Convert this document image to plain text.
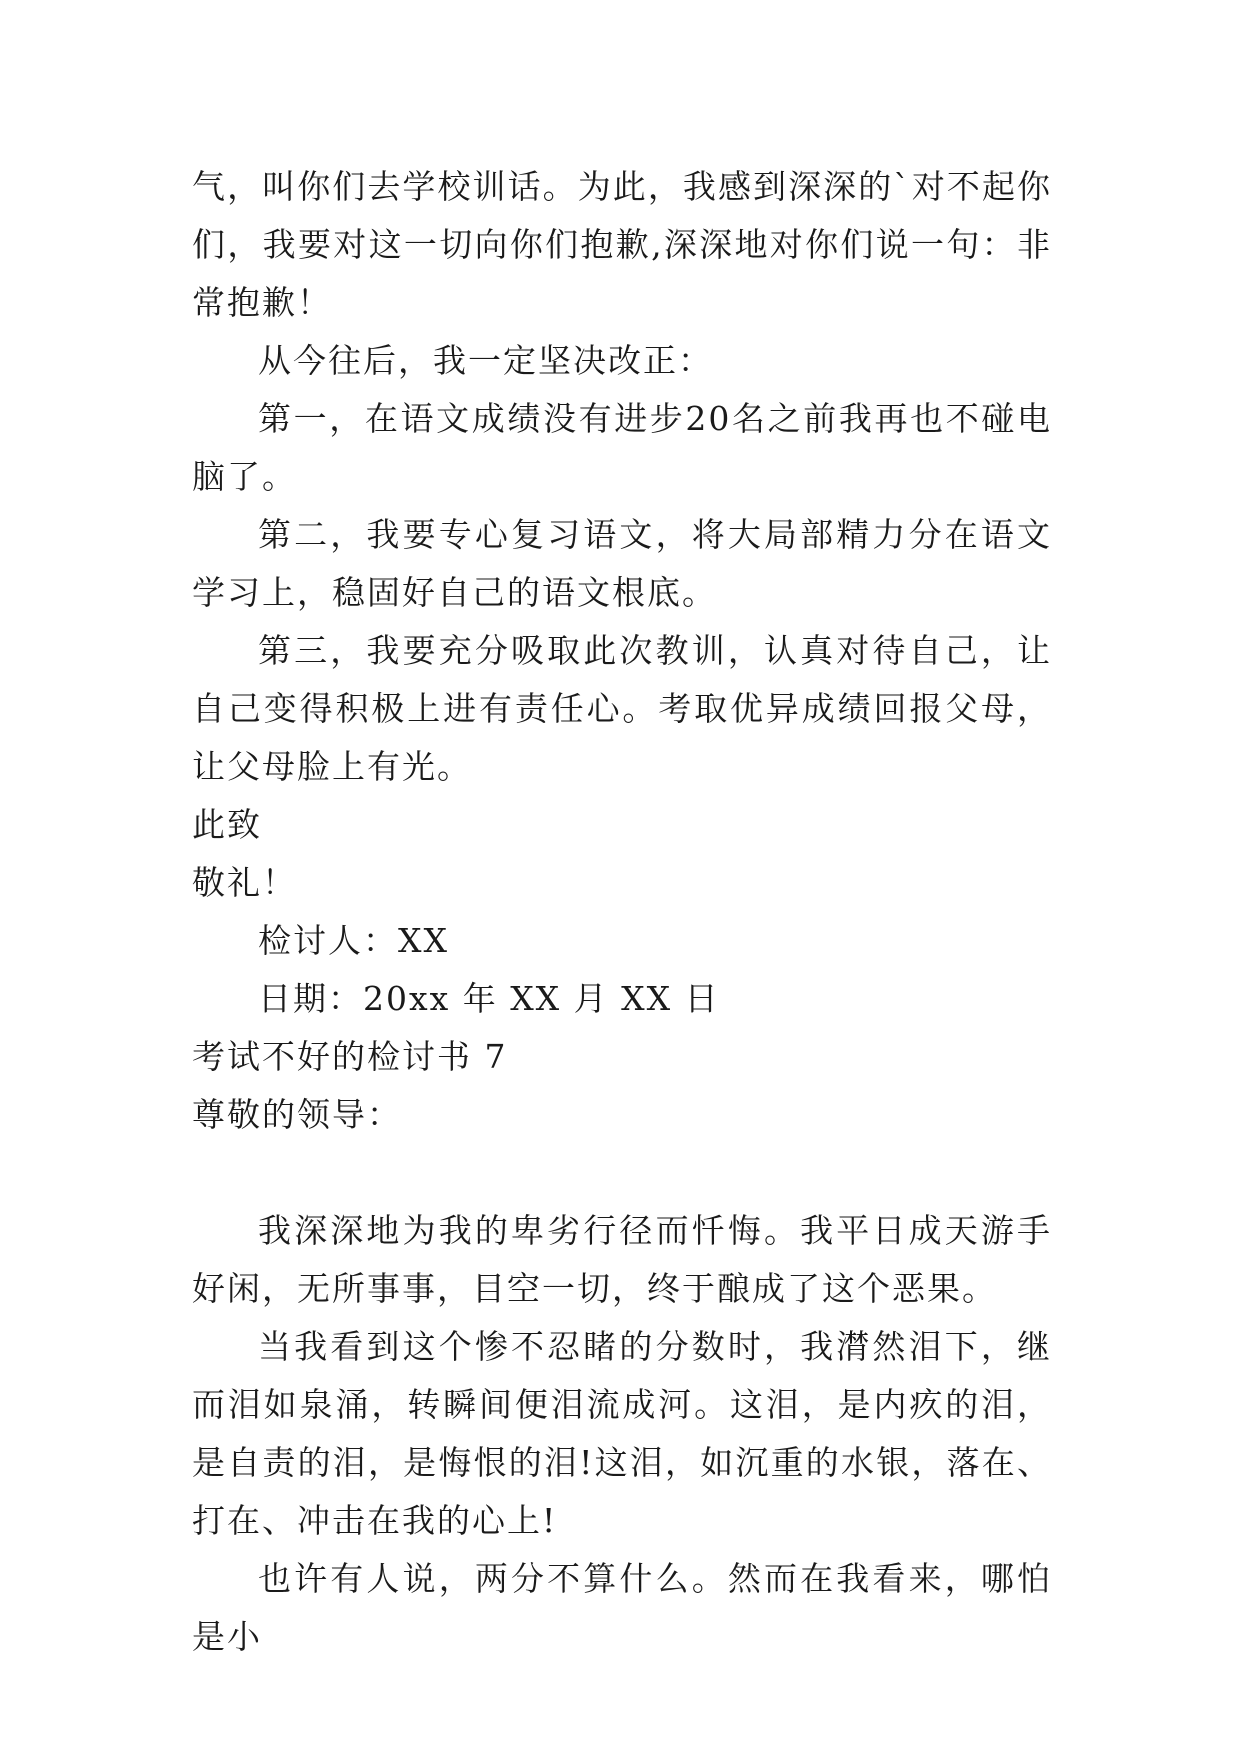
气，叫你们去学校训话。为此，我感到深深的`对不起你们，我要对这一切向你们抱歉,深深地对你们说一句：非常抱歉！

从今往后，我一定坚决改正：

第一，在语文成绩没有进步20名之前我再也不碰电脑了。

第二，我要专心复习语文，将大局部精力分在语文学习上，稳固好自己的语文根底。

第三，我要充分吸取此次教训，认真对待自己，让自己变得积极上进有责任心。考取优异成绩回报父母，让父母脸上有光。

此致

敬礼！

检讨人：XX

日期：20xx 年 XX 月 XX 日

考试不好的检讨书 7

尊敬的领导：

我深深地为我的卑劣行径而忏悔。我平日成天游手好闲，无所事事，目空一切，终于酿成了这个恶果。

当我看到这个惨不忍睹的分数时，我潸然泪下，继而泪如泉涌，转瞬间便泪流成河。这泪，是内疚的泪，是自责的泪，是悔恨的泪!这泪，如沉重的水银，落在、打在、冲击在我的心上!

也许有人说，两分不算什么。然而在我看来，哪怕是小
